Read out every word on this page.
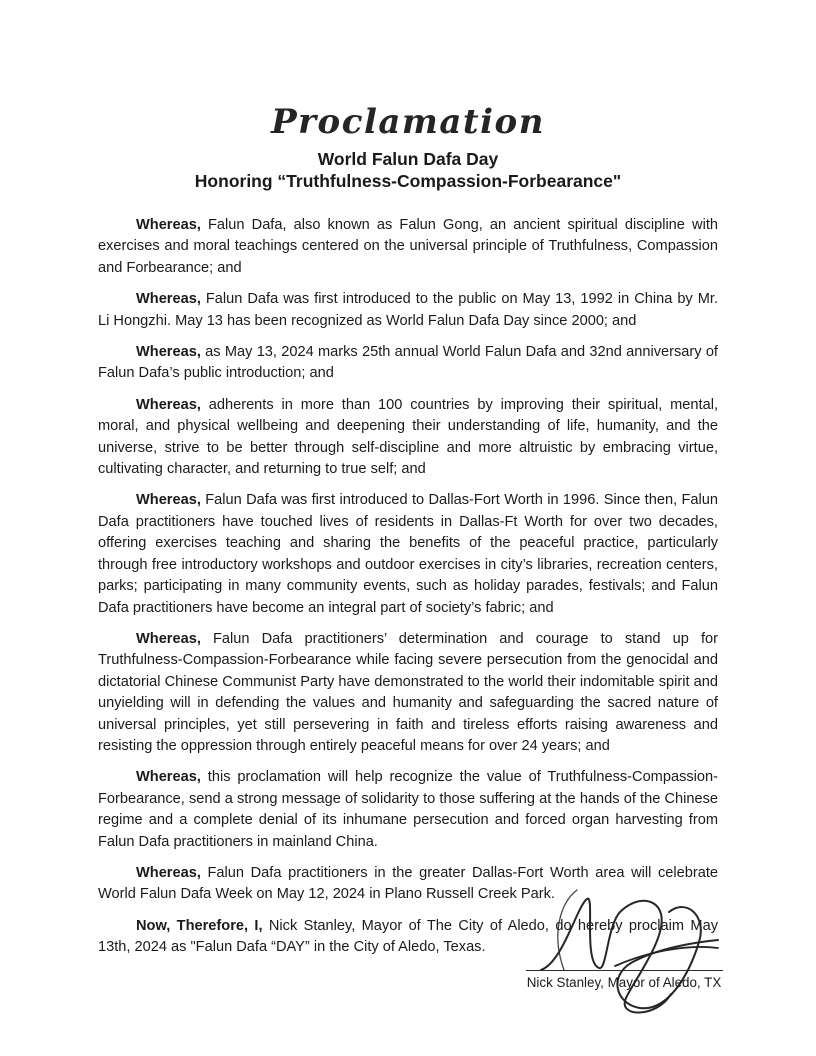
Proclamation
World Falun Dafa Day
Honoring “Truthfulness-Compassion-Forbearance"

Whereas, Falun Dafa, also known as Falun Gong, an ancient spiritual discipline with exercises and moral teachings centered on the universal principle of Truthfulness, Compassion and Forbearance; and

Whereas, Falun Dafa was first introduced to the public on May 13, 1992 in China by Mr. Li Hongzhi. May 13 has been recognized as World Falun Dafa Day since 2000; and

Whereas, as May 13, 2024 marks 25th annual World Falun Dafa and 32nd anniversary of Falun Dafa’s public introduction; and

Whereas, adherents in more than 100 countries by improving their spiritual, mental, moral, and physical wellbeing and deepening their understanding of life, humanity, and the universe, strive to be better through self-discipline and more altruistic by embracing virtue, cultivating character, and returning to true self; and

Whereas, Falun Dafa was first introduced to Dallas-Fort Worth in 1996. Since then, Falun Dafa practitioners have touched lives of residents in Dallas-Ft Worth for over two decades, offering exercises teaching and sharing the benefits of the peaceful practice, particularly through free introductory workshops and outdoor exercises in city’s libraries, recreation centers, parks; participating in many community events, such as holiday parades, festivals; and Falun Dafa practitioners have become an integral part of society’s fabric; and

Whereas, Falun Dafa practitioners’ determination and courage to stand up for Truthfulness-Compassion-Forbearance while facing severe persecution from the genocidal and dictatorial Chinese Communist Party have demonstrated to the world their indomitable spirit and unyielding will in defending the values and humanity and safeguarding the sacred nature of universal principles, yet still persevering in faith and tireless efforts raising awareness and resisting the oppression through entirely peaceful means for over 24 years; and

Whereas, this proclamation will help recognize the value of Truthfulness-Compassion-Forbearance, send a strong message of solidarity to those suffering at the hands of the Chinese regime and a complete denial of its inhumane persecution and forced organ harvesting from Falun Dafa practitioners in mainland China.

Whereas, Falun Dafa practitioners in the greater Dallas-Fort Worth area will celebrate World Falun Dafa Week on May 12, 2024 in Plano Russell Creek Park.

Now, Therefore, I, Nick Stanley, Mayor of The City of Aledo, do hereby proclaim May 13th, 2024 as "Falun Dafa “DAY” in the City of Aledo, Texas.

Nick Stanley, Mayor of Aledo, TX
